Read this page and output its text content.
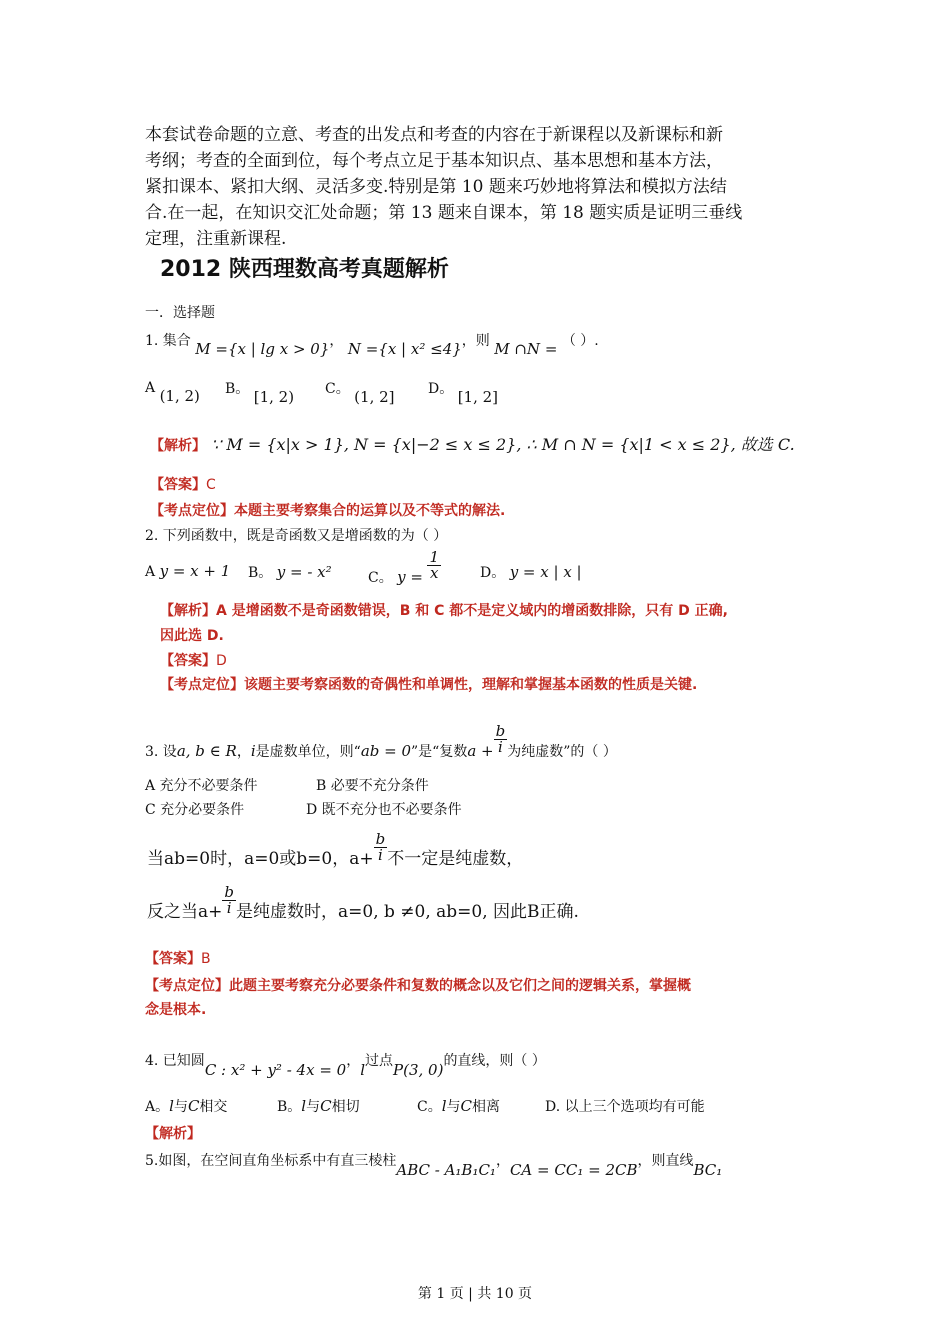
本套试卷命题的立意、考查的出发点和考查的内容在于新课程以及新课标和新
考纲；考查的全面到位，每个考点立足于基本知识点、基本思想和基本方法，
紧扣课本、紧扣大纲、灵活多变.特别是第 10 题来巧妙地将算法和模拟方法结
合.在一起，在知识交汇处命题；第 13 题来自课本，第 18 题实质是证明三垂线
定理，注重新课程.
2012 陕西理数高考真题解析
一．选择题
1. 集合 M ={x | lg x > 0}， N ={x | x² ≤4}，则 M ∩N = （ ）.
A (1, 2) B。 [1, 2) C。 (1, 2] D。 [1, 2]
【解析】 ∵ M = {x|x > 1}, N = {x|−2 ≤ x ≤ 2}, ∴ M ∩ N = {x|1 < x ≤ 2}, 故选 C.
【答案】C
【考点定位】本题主要考察集合的运算以及不等式的解法.
2. 下列函数中，既是奇函数又是增函数的为（ ）
A y = x + 1 B。 y = - x²	C。 $y = \frac{1}{x}$	D。 y = x | x |
【解析】A 是增函数不是奇函数错误，B 和 C 都不是定义域内的增函数排除，只有 D 正确,
因此选 D.
【答案】D
【考点定位】该题主要考察函数的奇偶性和单调性，理解和掌握基本函数的性质是关键.
3. 设a, b ∈ R，i是虚数单位，则“ab = 0”是“复数$a + \frac{b}{i}$ 为纯虚数”的（ ）
A 充分不必要条件	B 必要不充分条件
C 充分必要条件	D 既不充分也不必要条件
当ab=0时，a=0或b=0，$a+ \frac{b}{i}$ 不一定是纯虚数，
反之当$a+ \frac{b}{i}$ 是纯虚数时，a=0, b ≠0, ab=0, 因此B正确.
【答案】B
【考点定位】此题主要考察充分必要条件和复数的概念以及它们之间的逻辑关系，掌握概
念是根本.
4. 已知圆C : x² + y² - 4x = 0，l过点P(3, 0)的直线，则（ ）
A。l与C相交	B。l与C相切	C。l与C相离	D. 以上三个选项均有可能
【解析】
5.如图，在空间直角坐标系中有直三棱柱ABC - A₁B₁C₁，CA = CC₁ = 2CB，则直线BC₁
第 1 页 | 共 10 页
